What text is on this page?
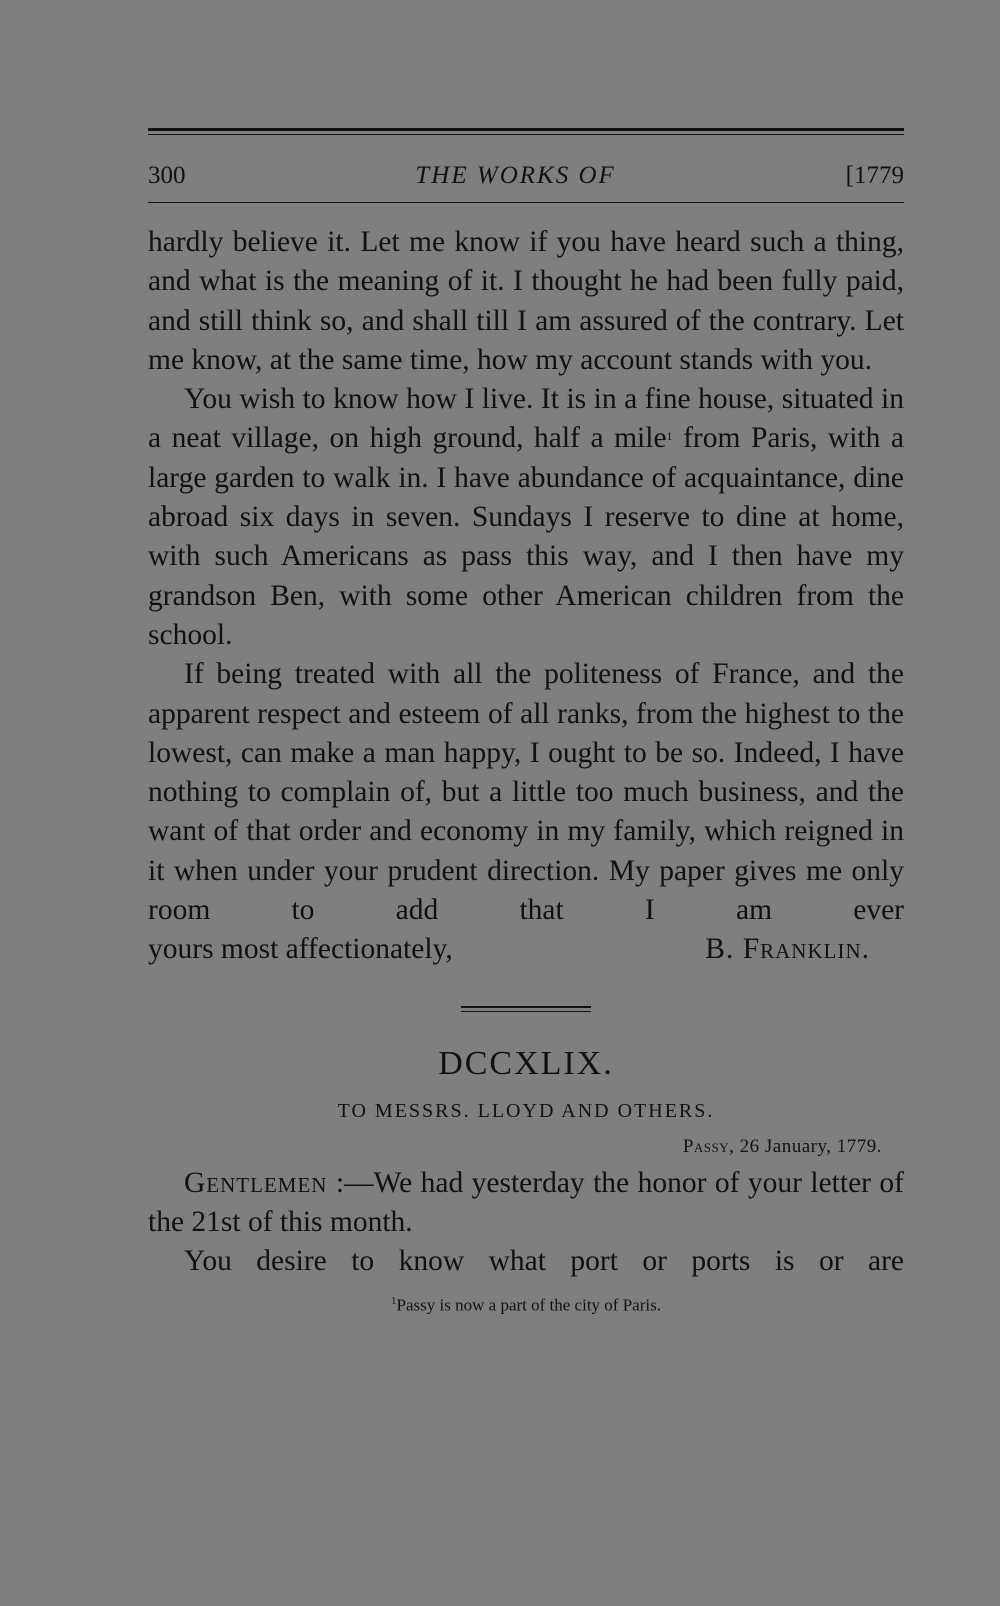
300	THE WORKS OF	[1779

hardly believe it. Let me know if you have heard such a thing, and what is the meaning of it. I thought he had been fully paid, and still think so, and shall till I am assured of the contrary. Let me know, at the same time, how my account stands with you.

You wish to know how I live. It is in a fine house, situated in a neat village, on high ground, half a mile$^1$ from Paris, with a large garden to walk in. I have abundance of acquaintance, dine abroad six days in seven. Sundays I reserve to dine at home, with such Americans as pass this way, and I then have my grandson Ben, with some other American children from the school.

If being treated with all the politeness of France, and the apparent respect and esteem of all ranks, from the highest to the lowest, can make a man happy, I ought to be so. Indeed, I have nothing to complain of, but a little too much business, and the want of that order and economy in my family, which reigned in it when under your prudent direction. My paper gives me only room to add that I am ever

yours most affectionately,	B. Franklin.
DCCXLIX.
TO MESSRS. LLOYD AND OTHERS.
Passy, 26 January, 1779.

Gentlemen :—We had yesterday the honor of your letter of the 21st of this month.

You desire to know what port or ports is or are

$^1$Passy is now a part of the city of Paris.
